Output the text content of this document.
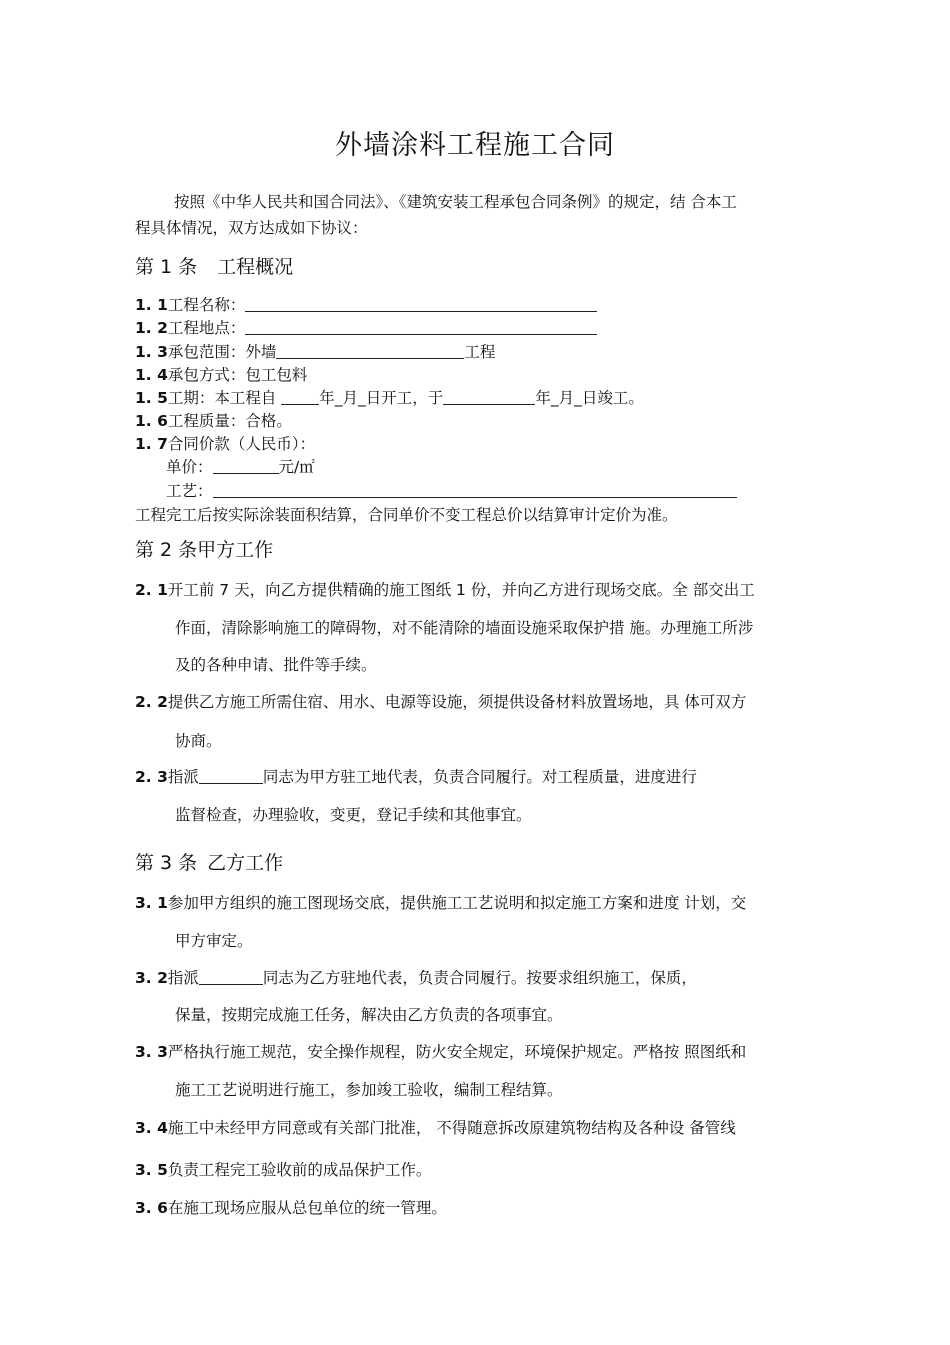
外墙涂料工程施工合同
按照《中华人民共和国合同法》、《建筑安装工程承包合同条例》的规定，结 合本工
程具体情况，双方达成如下协议：
第 1 条 工程概况
1. 1工程名称：
1. 2工程地点：
1. 3承包范围：外墙	工程
1. 4承包方式：包工包料
1. 5工期：本工程自 年_月_日开工，于	年_月_日竣工。
1. 6工程质量：合格。
1. 7合同价款（人民币）：
单价：	元/㎡
工艺：
工程完工后按实际涂装面积结算，合同单价不变工程总价以结算审计定价为准。
第 2 条甲方工作
2. 1开工前 7 天，向乙方提供精确的施工图纸 1 份，并向乙方进行现场交底。全 部交出工
作面，清除影响施工的障碍物，对不能清除的墙面设施采取保护措 施。办理施工所涉
及的各种申请、批件等手续。
2. 2提供乙方施工所需住宿、用水、电源等设施，须提供设备材料放置场地，具 体可双方
协商。
2. 3指派	同志为甲方驻工地代表，负责合同履行。对工程质量，进度进行
监督检查，办理验收，变更，登记手续和其他事宜。
第 3 条 乙方工作
3. 1参加甲方组织的施工图现场交底，提供施工工艺说明和拟定施工方案和进度 计划，交
甲方审定。
3. 2指派	同志为乙方驻地代表，负责合同履行。按要求组织施工，保质，
保量，按期完成施工任务，解决由乙方负责的各项事宜。
3. 3严格执行施工规范，安全操作规程，防火安全规定，环境保护规定。严格按 照图纸和
施工工艺说明进行施工，参加竣工验收，编制工程结算。
3. 4施工中未经甲方同意或有关部门批准， 不得随意拆改原建筑物结构及各种设 备管线
3. 5负责工程完工验收前的成品保护工作。
3. 6在施工现场应服从总包单位的统一管理。
